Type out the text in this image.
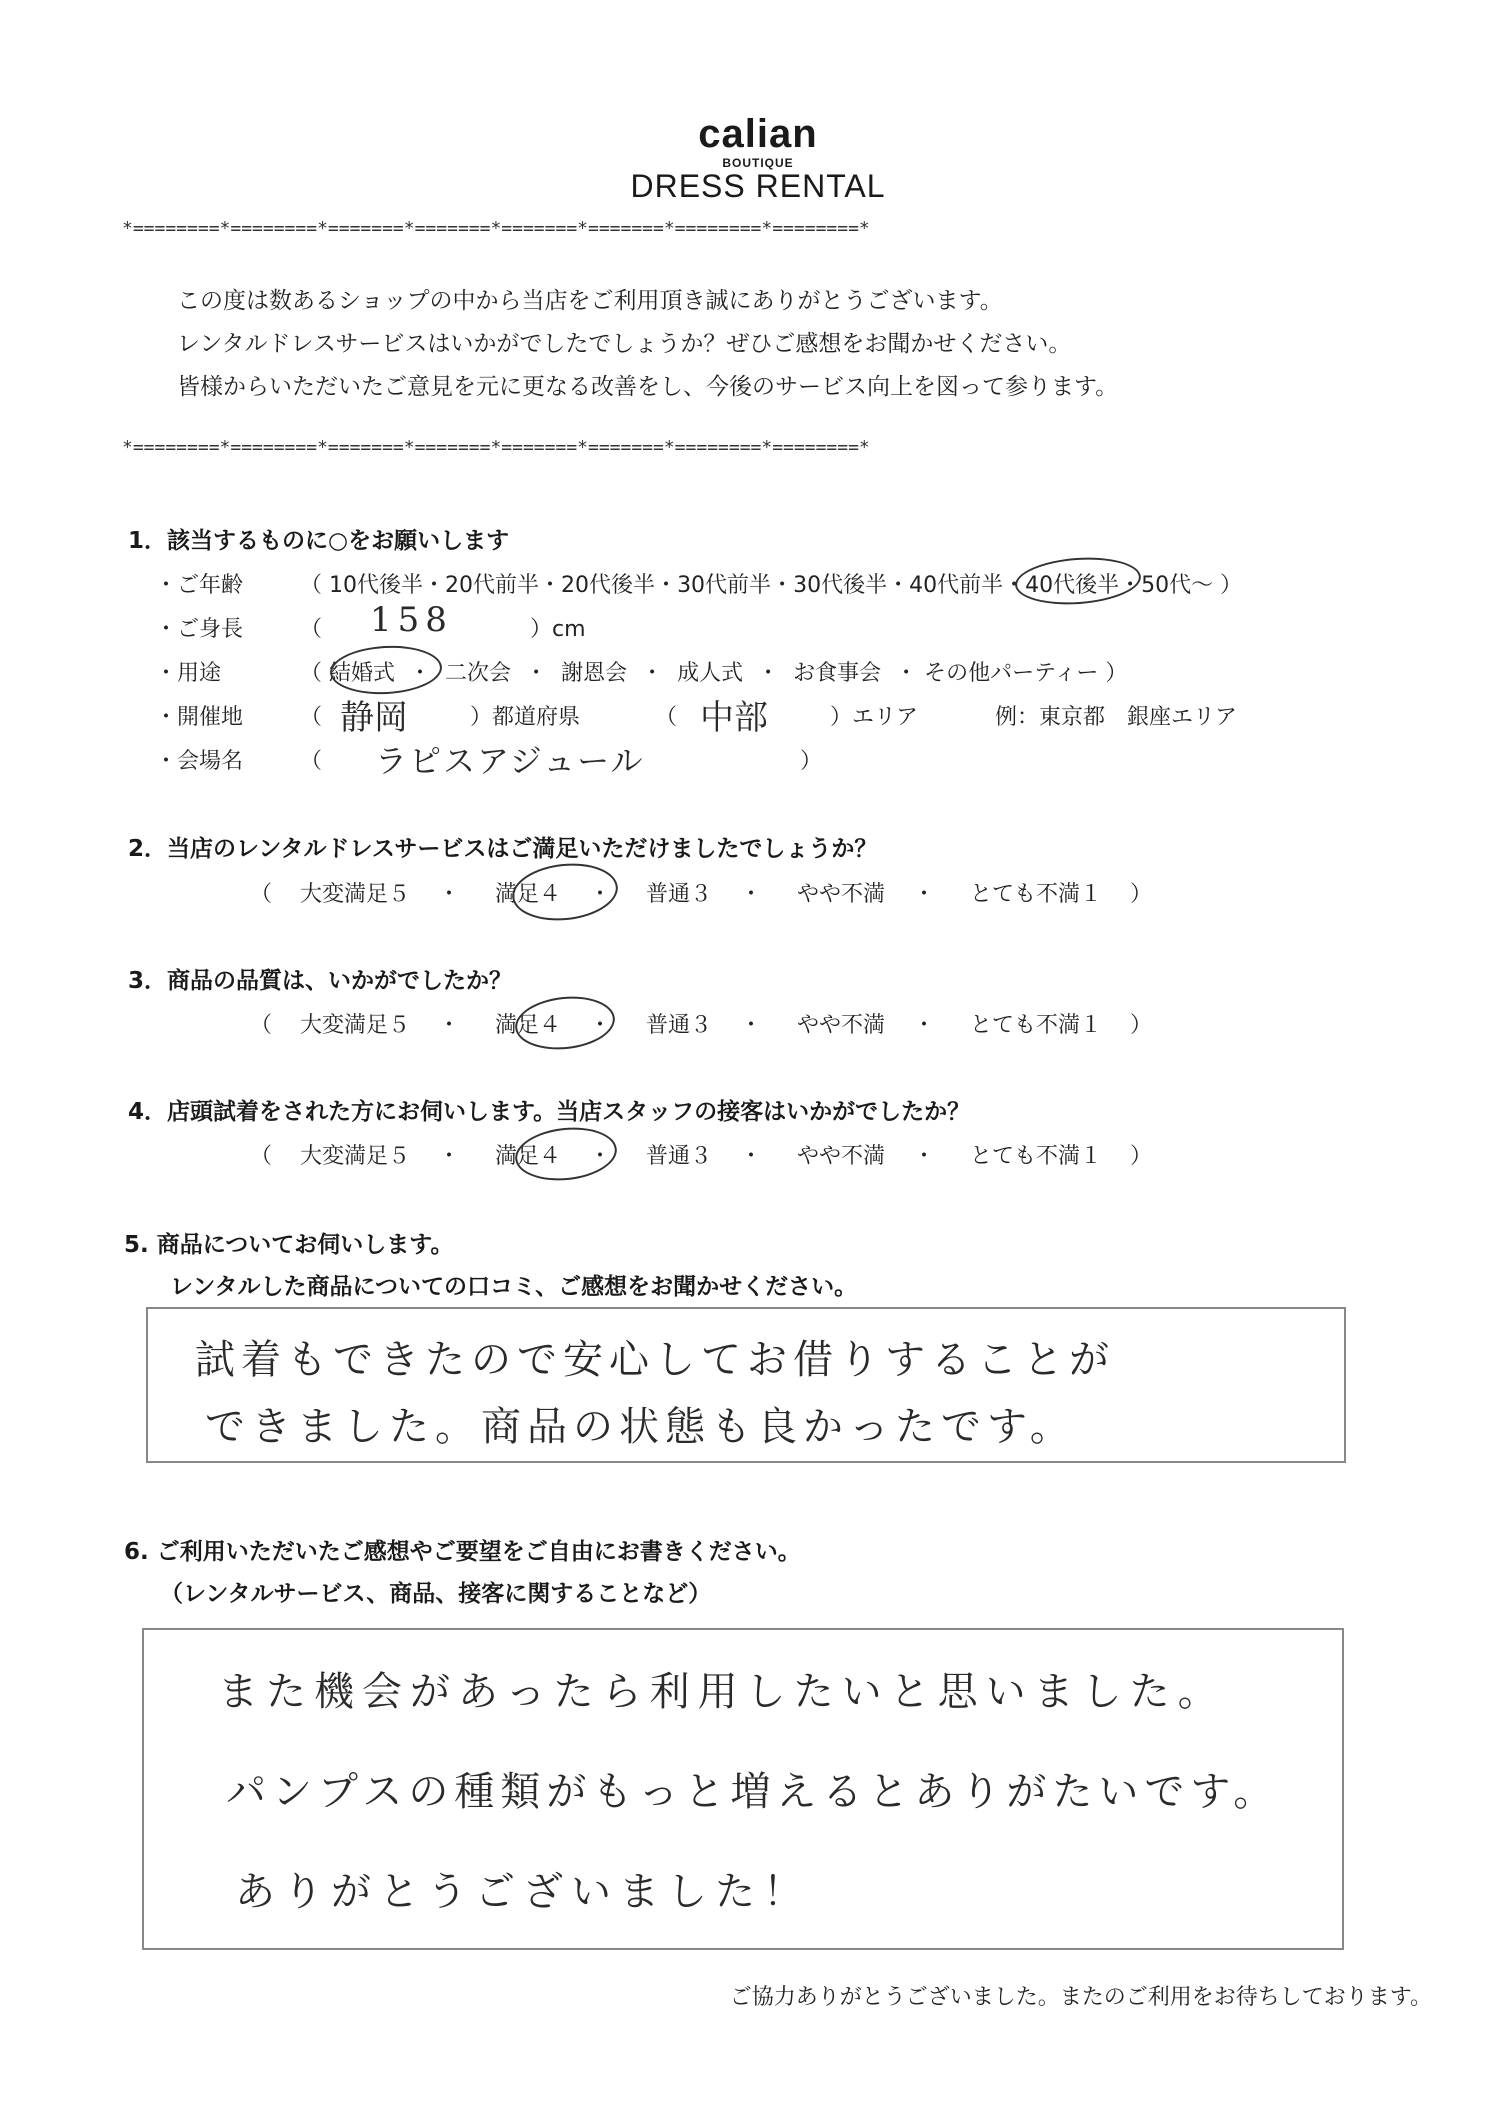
calian
BOUTIQUE
DRESS RENTAL
*========*========*=======*=======*=======*=======*========*========*
この度は数あるショップの中から当店をご利用頂き誠にありがとうございます。
レンタルドレスサービスはいかがでしたでしょうか？ぜひご感想をお聞かせください。
皆様からいただいたご意見を元に更なる改善をし、今後のサービス向上を図って参ります。
*========*========*=======*=======*=======*=======*========*========*
1．該当するものに○をお願いします
・ご年齢	（ 10代後半・20代前半・20代後半・30代前半・30代後半・40代前半・40代後半・50代～ ）
・ご身長	（ 158	）cm
・用途	（ 結婚式 ・ 二次会 ・ 謝恩会 ・ 成人式 ・ お食事会 ・ その他パーティー ）
・開催地	（ 静岡	）都道府県	（ 中部	）エリア	例：東京都　銀座エリア
・会場名	（ ラピスアジュール	）
2．当店のレンタルドレスサービスはご満足いただけましたでしょうか？
（ 大変満足５ ・ 満足４ ・ 普通３ ・ やや不満 ・ とても不満１ ）
3．商品の品質は、いかがでしたか？
（ 大変満足５ ・ 満足４ ・ 普通３ ・ やや不満 ・ とても不満１ ）
4．店頭試着をされた方にお伺いします。当店スタッフの接客はいかがでしたか？
（ 大変満足５ ・ 満足４ ・ 普通３ ・ やや不満 ・ とても不満１ ）
5. 商品についてお伺いします。
レンタルした商品についての口コミ、ご感想をお聞かせください。
試着もできたので安心してお借りすることが
できました。商品の状態も良かったです。
6. ご利用いただいたご感想やご要望をご自由にお書きください。
（レンタルサービス、商品、接客に関することなど）
また機会があったら利用したいと思いました。
パンプスの種類がもっと増えるとありがたいです。
ありがとうございました！
ご協力ありがとうございました。またのご利用をお待ちしております。
